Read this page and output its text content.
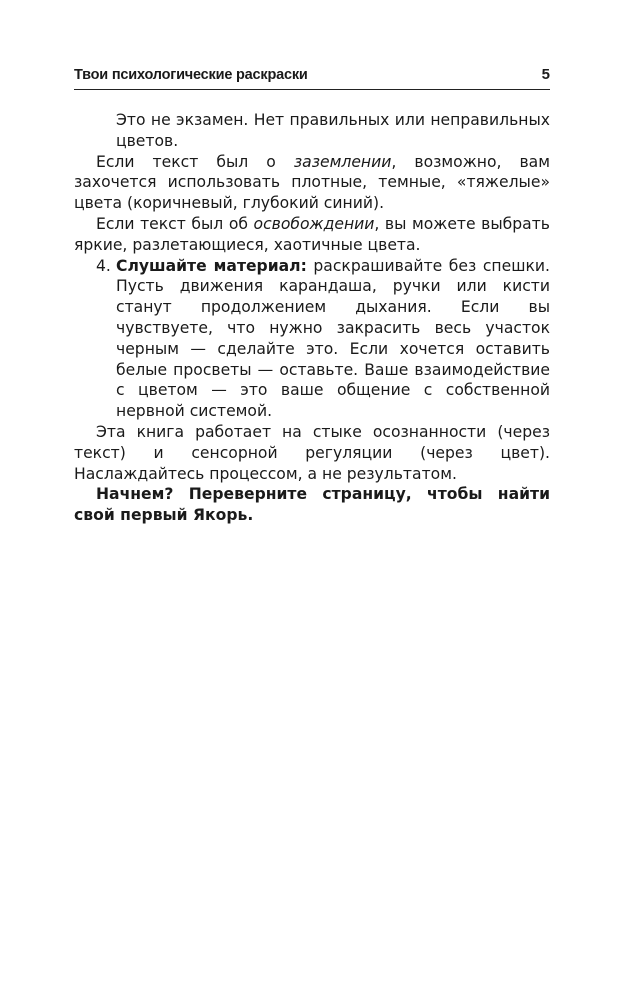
Твои психологические раскраски	5

Это не экзамен. Нет правильных или неправильных цветов.

Если текст был о заземлении, возможно, вам захочется использовать плотные, темные, «тяжелые» цвета (коричневый, глубокий синий).

Если текст был об освобождении, вы можете выбрать яркие, разлетающиеся, хаотичные цвета.

4. Слушайте материал: раскрашивайте без спешки. Пусть движения карандаша, ручки или кисти станут продолжением дыхания. Если вы чувствуете, что нужно закрасить весь участок черным — сделайте это. Если хочется оставить белые просветы — оставьте. Ваше взаимодействие с цветом — это ваше общение с собственной нервной системой.

Эта книга работает на стыке осознанности (через текст) и сенсорной регуляции (через цвет). Наслаждайтесь процессом, а не результатом.

Начнем? Переверните страницу, чтобы найти свой первый Якорь.
